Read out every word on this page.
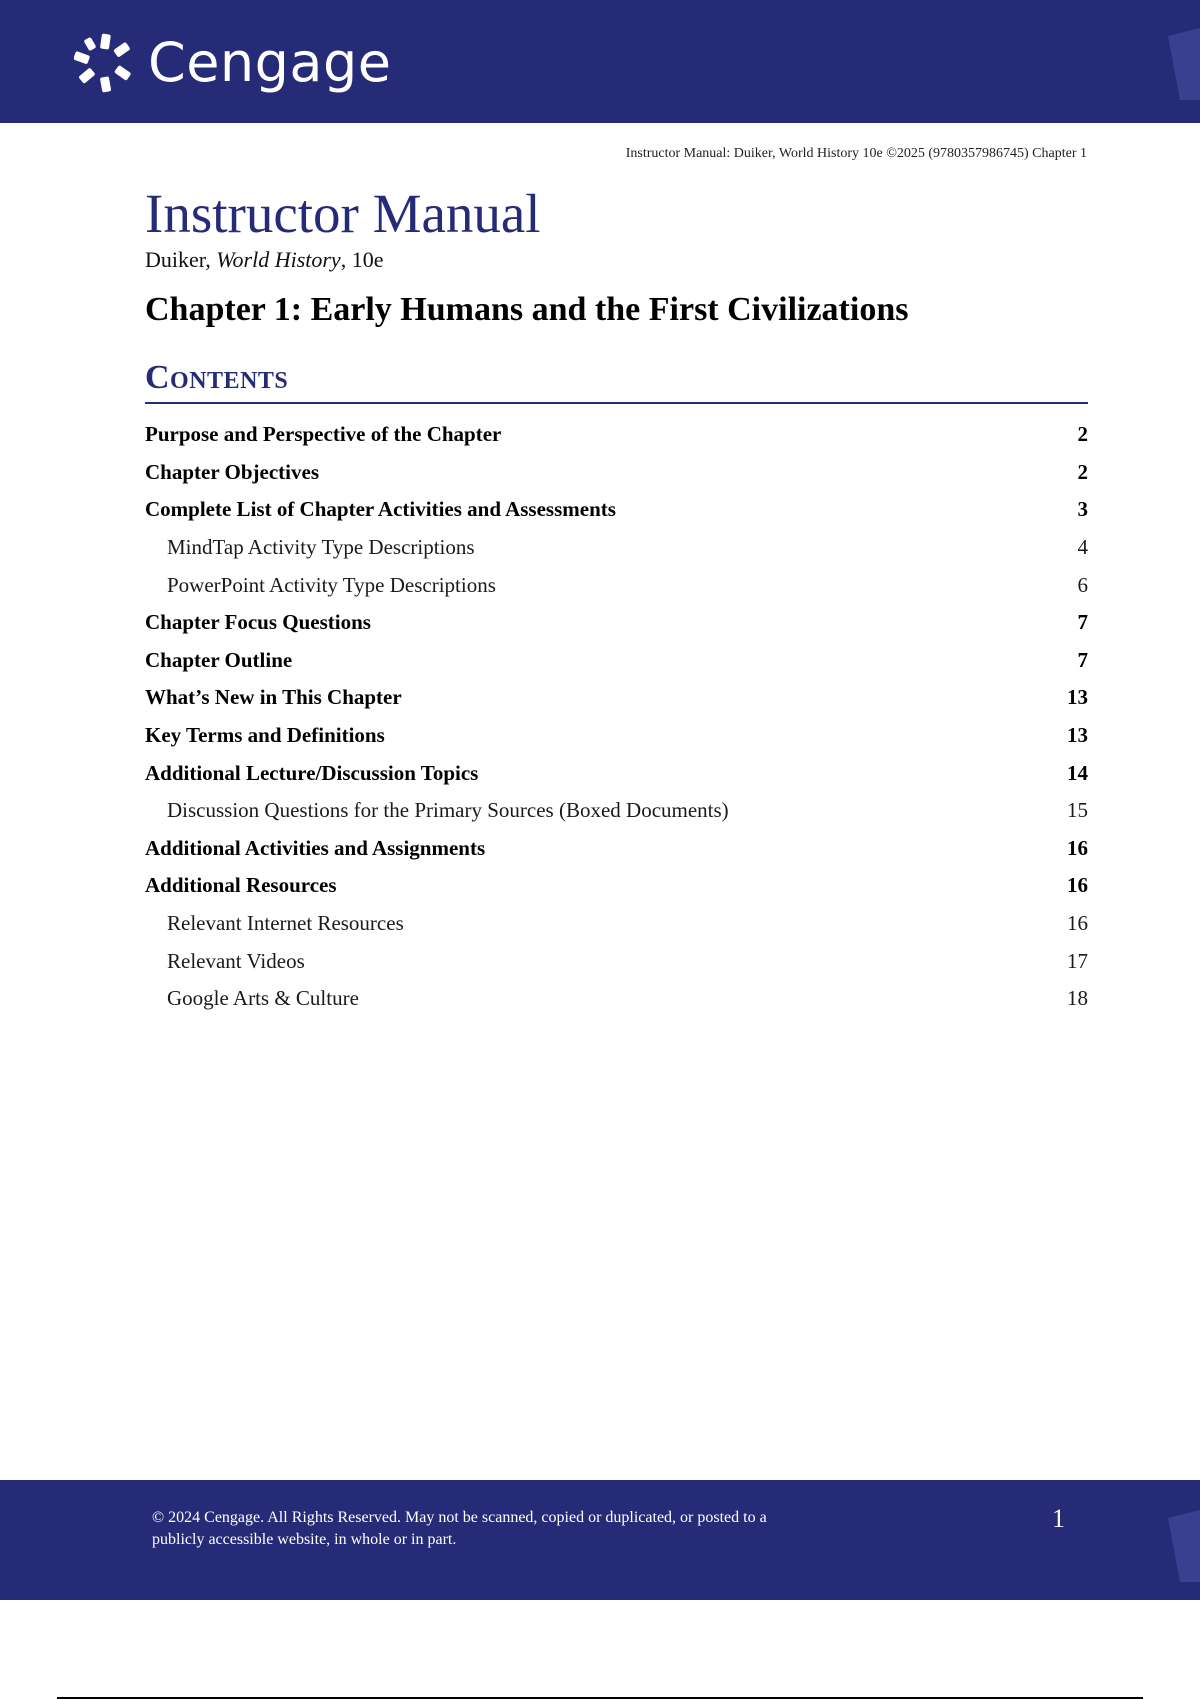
Cengage
Instructor Manual: Duiker, World History 10e ©2025 (9780357986745) Chapter 1
Instructor Manual
Duiker, World History, 10e
Chapter 1: Early Humans and the First Civilizations
Contents
Purpose and Perspective of the Chapter	2
Chapter Objectives	2
Complete List of Chapter Activities and Assessments	3
MindTap Activity Type Descriptions	4
PowerPoint Activity Type Descriptions	6
Chapter Focus Questions	7
Chapter Outline	7
What’s New in This Chapter	13
Key Terms and Definitions	13
Additional Lecture/Discussion Topics	14
Discussion Questions for the Primary Sources (Boxed Documents)	15
Additional Activities and Assignments	16
Additional Resources	16
Relevant Internet Resources	16
Relevant Videos	17
Google Arts & Culture	18
© 2024 Cengage. All Rights Reserved. May not be scanned, copied or duplicated, or posted to a
publicly accessible website, in whole or in part.
1
